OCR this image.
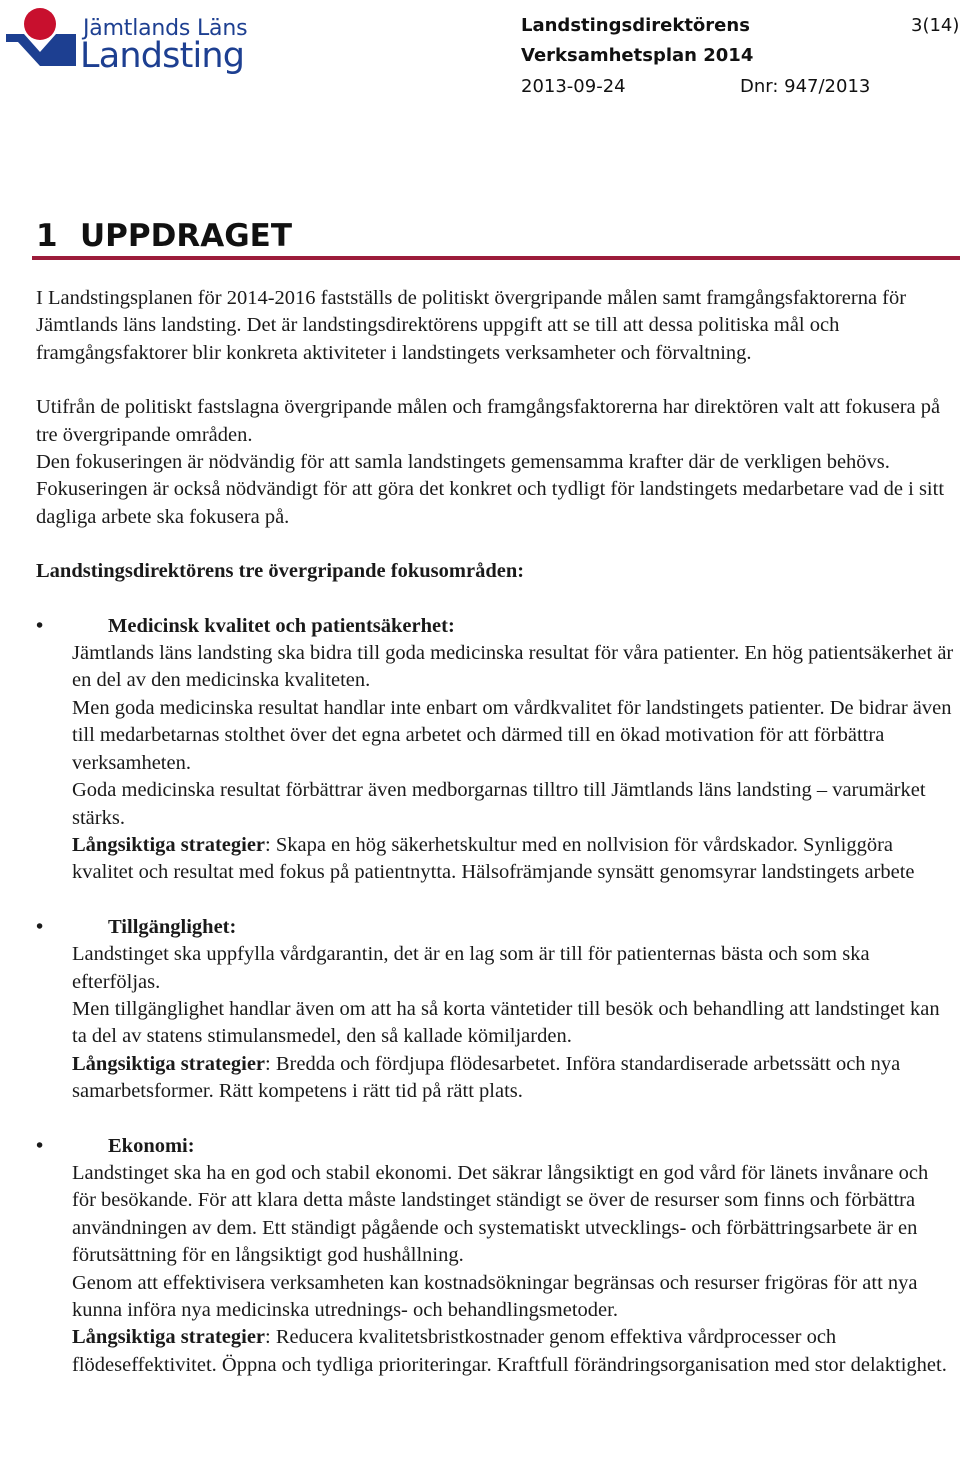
Jämtlands Läns
Landsting
Landstingsdirektörens	3(14)
Verksamhetsplan 2014
2013-09-24	Dnr: 947/2013
1 UPPDRAGET

I Landstingsplanen för 2014-2016 fastställs de politiskt övergripande målen samt framgångsfaktorerna för Jämtlands läns landsting. Det är landstingsdirektörens uppgift att se till att dessa politiska mål och framgångsfaktorer blir konkreta aktiviteter i landstingets verksamheter och förvaltning.

Utifrån de politiskt fastslagna övergripande målen och framgångsfaktorerna har direktören valt att fokusera på tre övergripande områden.

Den fokuseringen är nödvändig för att samla landstingets gemensamma krafter där de verkligen behövs. Fokuseringen är också nödvändigt för att göra det konkret och tydligt för landstingets medarbetare vad de i sitt dagliga arbete ska fokusera på.

Landstingsdirektörens tre övergripande fokusområden:

•	Medicinsk kvalitet och patientsäkerhet:

Jämtlands läns landsting ska bidra till goda medicinska resultat för våra patienter. En hög patientsäkerhet är en del av den medicinska kvaliteten.

Men goda medicinska resultat handlar inte enbart om vårdkvalitet för landstingets patienter. De bidrar även till medarbetarnas stolthet över det egna arbetet och därmed till en ökad motivation för att förbättra verksamheten.

Goda medicinska resultat förbättrar även medborgarnas tilltro till Jämtlands läns landsting – varumärket stärks.

Långsiktiga strategier: Skapa en hög säkerhetskultur med en nollvision för vårdskador. Synliggöra kvalitet och resultat med fokus på patientnytta. Hälsofrämjande synsätt genomsyrar landstingets arbete

•	Tillgänglighet:

Landstinget ska uppfylla vårdgarantin, det är en lag som är till för patienternas bästa och som ska efterföljas.

Men tillgänglighet handlar även om att ha så korta väntetider till besök och behandling att landstinget kan ta del av statens stimulansmedel, den så kallade kömiljarden.

Långsiktiga strategier: Bredda och fördjupa flödesarbetet. Införa standardiserade arbetssätt och nya samarbetsformer. Rätt kompetens i rätt tid på rätt plats.

•	Ekonomi:

Landstinget ska ha en god och stabil ekonomi. Det säkrar långsiktigt en god vård för länets invånare och för besökande. För att klara detta måste landstinget ständigt se över de resurser som finns och förbättra användningen av dem. Ett ständigt pågående och systematiskt utvecklings- och förbättringsarbete är en förutsättning för en långsiktigt god hushållning.

Genom att effektivisera verksamheten kan kostnadsökningar begränsas och resurser frigöras för att nya kunna införa nya medicinska utrednings- och behandlingsmetoder.

Långsiktiga strategier: Reducera kvalitetsbristkostnader genom effektiva vårdprocesser och flödeseffektivitet. Öppna och tydliga prioriteringar. Kraftfull förändringsorganisation med stor delaktighet.
